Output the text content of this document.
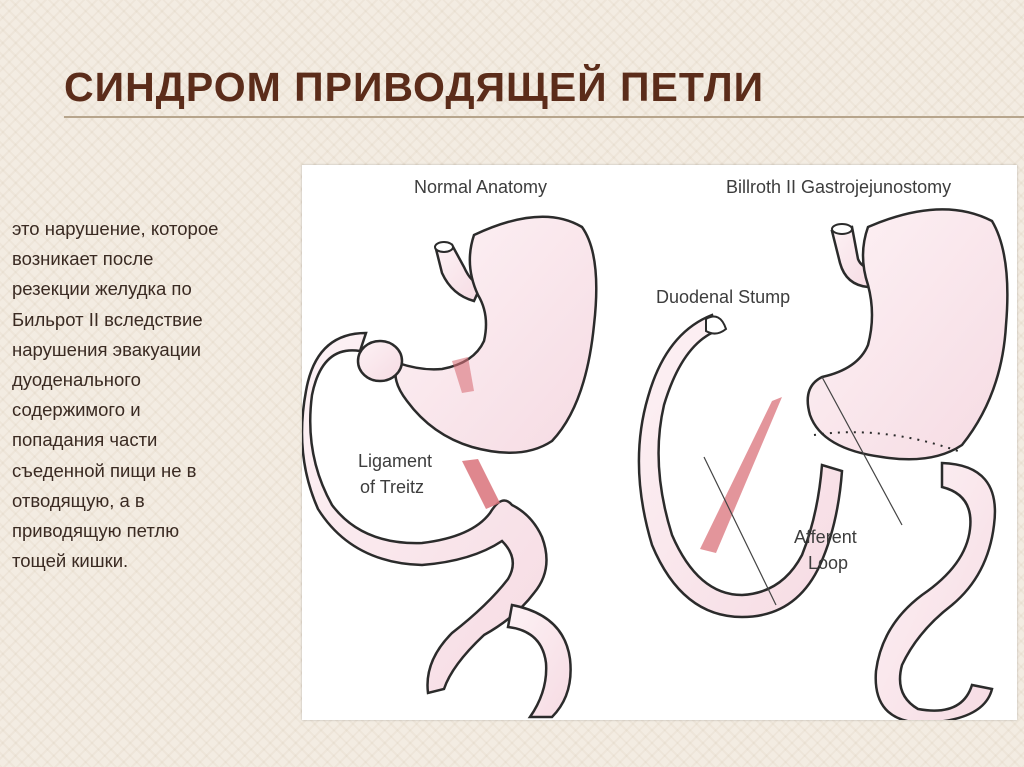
СИНДРОМ ПРИВОДЯЩЕЙ ПЕТЛИ

это нарушение, которое
возникает после
резекции желудка по
Бильрот II вследствие
нарушения эвакуации
дуоденального
содержимого и
попадания части
съеденной пищи не в
отводящую, а в
приводящую петлю
тощей кишки.

Normal Anatomy	Billroth II Gastrojejunostomy
Ligament
of Treitz
Duodenal Stump
Afferent
Loop
